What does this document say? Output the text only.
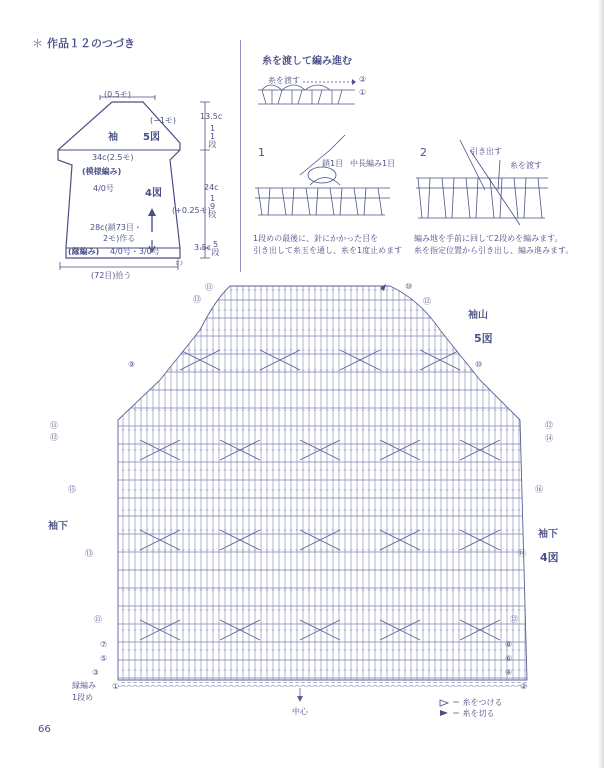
＊ 作品１２のつづき
(0.5モ)
(−1モ)
袖	5図
34c(2.5モ)
(模様編み)
4/0号	4図
(+0.25モ)
28c(鎖73目・
2モ)作る
(縁編み) 4/0号・3/0号
(72目)拾う
わ
13.5c
11段
24c
19段
3.5c 5段
糸を渡して編み進む
糸を渡す	②
①
1
鎖1目 中長編み1目
2	引き出す
糸を渡す
1段めの最後に、針にかかった目を
引き出して糸玉を通し、糸を1度止めます
編み地を手前に回して2段めを編みます。
糸を指定位置から引き出し、編み進みます。
⑪
⑬
⑩
⑫
⑪
⑬
⑮
⑬
⑪
⑨
⑦
⑤
③
①
⑫
⑭
⑯
⑭
⑫
⑩
⑧
⑥
④
②
袖山
5図
袖下
袖下
4図
縁編み
1段め
中心
＝ 糸をつける
＝ 糸を切る
66
